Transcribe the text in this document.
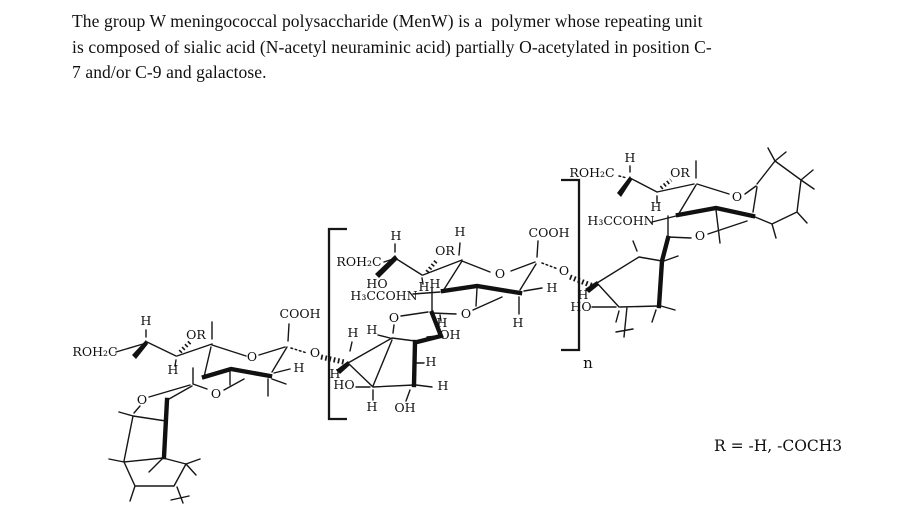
The group W meningococcal polysaccharide (MenW) is a  polymer whose repeating unit
is composed of sialic acid (N-acetyl neuraminic acid) partially O-acetylated in position C-
7 and/or C-9 and galactose.
n
ROH₂C
H
OR
H
COOH
O	O
H
O	O
H
ROH₂C
OR
HO
H₃CCOHN
H H
H	COOH
O	O
H
H
O	O
H
H H	OH
H
H
HO
H OH
H
ROH₂C
H
OR
H
H₃CCOHN
O
O
H
HO
R = -H, -COCH3
